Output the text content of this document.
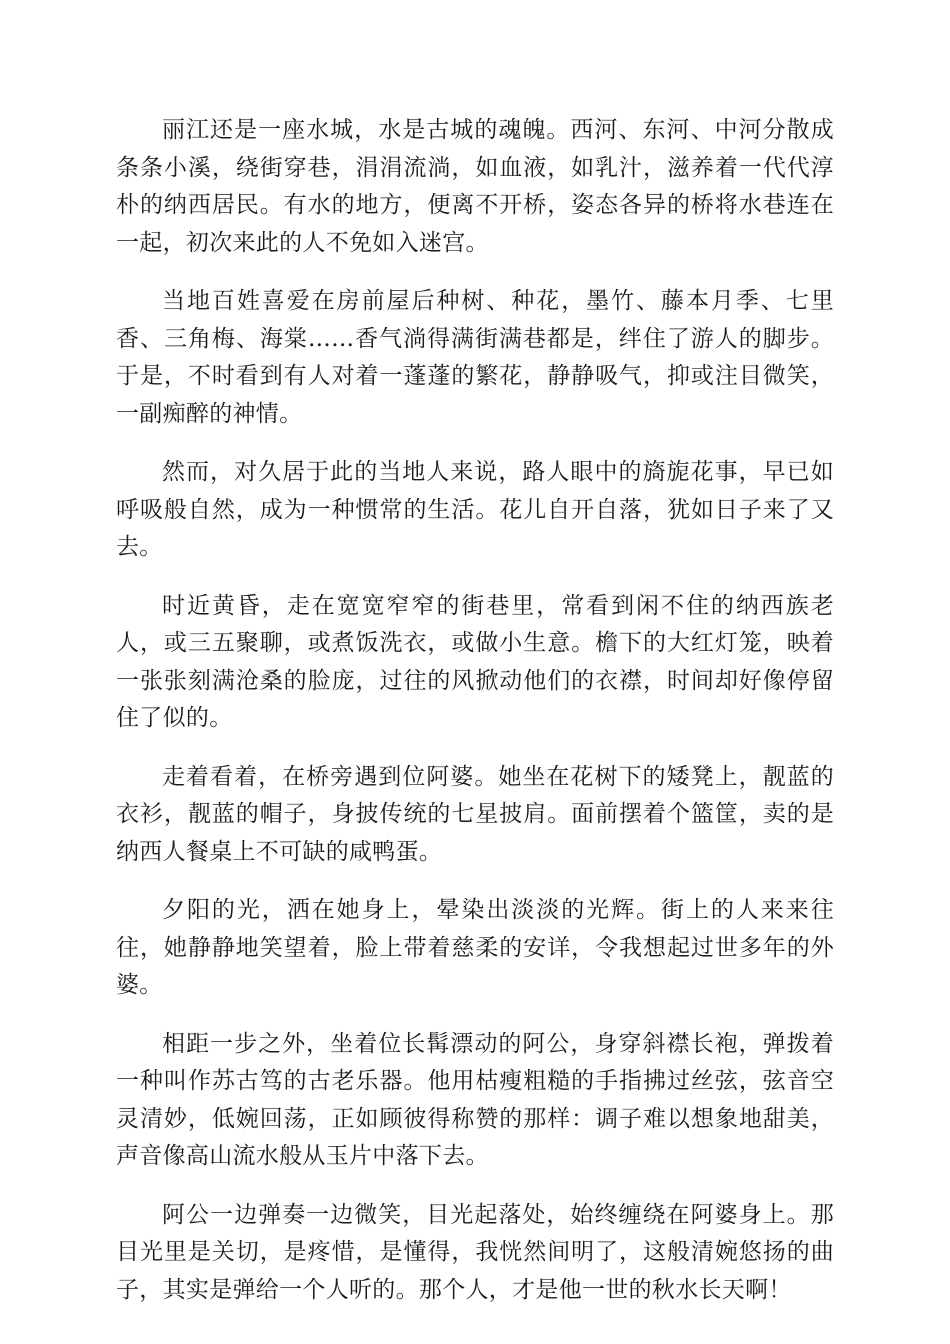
丽江还是一座水城，水是古城的魂魄。西河、东河、中河分散成条条小溪，绕街穿巷，涓涓流淌，如血液，如乳汁，滋养着一代代淳朴的纳西居民。有水的地方，便离不开桥，姿态各异的桥将水巷连在一起，初次来此的人不免如入迷宫。

当地百姓喜爱在房前屋后种树、种花，墨竹、藤本月季、七里香、三角梅、海棠……香气淌得满街满巷都是，绊住了游人的脚步。于是，不时看到有人对着一蓬蓬的繁花，静静吸气，抑或注目微笑，一副痴醉的神情。

然而，对久居于此的当地人来说，路人眼中的旖旎花事，早已如呼吸般自然，成为一种惯常的生活。花儿自开自落，犹如日子来了又去。

时近黄昏，走在宽宽窄窄的街巷里，常看到闲不住的纳西族老人，或三五聚聊，或煮饭洗衣，或做小生意。檐下的大红灯笼，映着一张张刻满沧桑的脸庞，过往的风掀动他们的衣襟，时间却好像停留住了似的。

走着看着，在桥旁遇到位阿婆。她坐在花树下的矮凳上，靓蓝的衣衫，靓蓝的帽子，身披传统的七星披肩。面前摆着个篮筐，卖的是纳西人餐桌上不可缺的咸鸭蛋。

夕阳的光，洒在她身上，晕染出淡淡的光辉。街上的人来来往往，她静静地笑望着，脸上带着慈柔的安详，令我想起过世多年的外婆。

相距一步之外，坐着位长髯漂动的阿公，身穿斜襟长袍，弹拨着一种叫作苏古笃的古老乐器。他用枯瘦粗糙的手指拂过丝弦，弦音空灵清妙，低婉回荡，正如顾彼得称赞的那样：调子难以想象地甜美，声音像高山流水般从玉片中落下去。

阿公一边弹奏一边微笑，目光起落处，始终缠绕在阿婆身上。那目光里是关切，是疼惜，是懂得，我恍然间明了，这般清婉悠扬的曲子，其实是弹给一个人听的。那个人，才是他一世的秋水长天啊！
